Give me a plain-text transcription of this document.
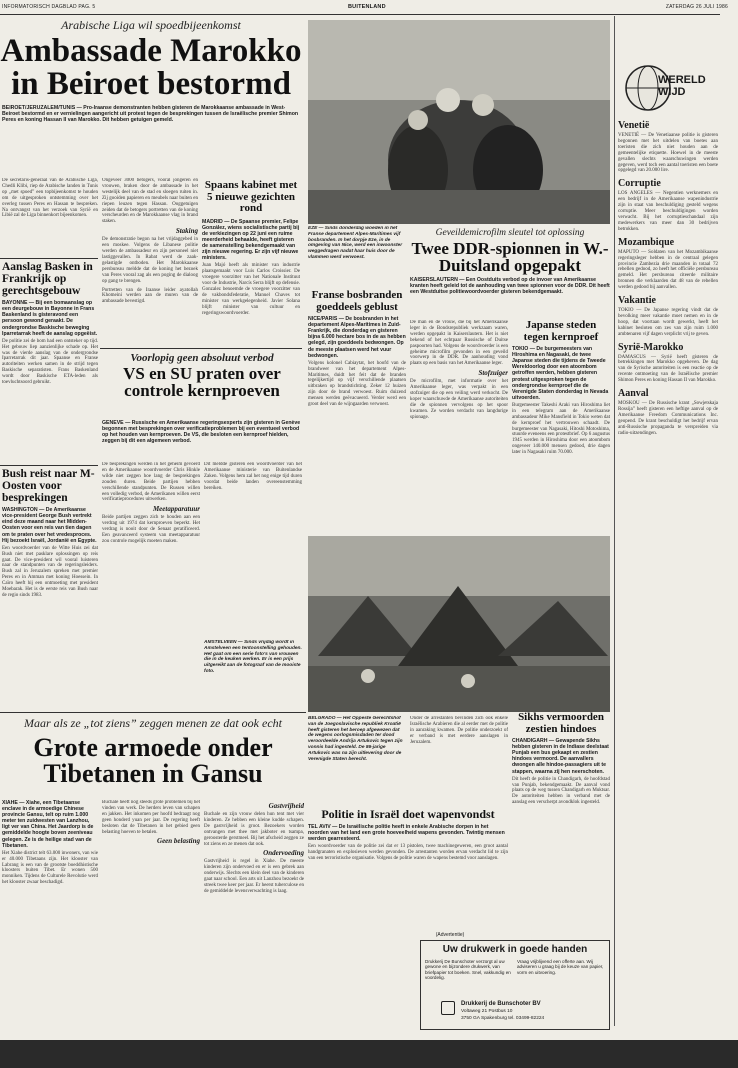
INFORMATORISCH DAGBLAD PAG. 5	BUITENLAND	ZATERDAG 26 JULI 1986
Arabische Liga wil spoedbijeenkomst
Ambassade Marokko
in Beiroet bestormd
BEIROET/JERUZALEM/TUNIS — Pro-Iraanse demonstranten hebben gisteren de Marokkaanse ambassade in West-Beiroet bestormd en er vernielingen aangericht uit protest tegen de besprekingen tussen de Israëlische premier Shimon Peres en koning Hassan II van Marokko. Dit hebben getuigen gemeld.
De secretaris-generaal van de Arabische Liga, Chedli Klibi, riep de Arabische landen in Tunis op „met spoed” een topbijeenkomst te houden om de uitgesproken ontstemming over het overleg tussen Peres en Hassan te bespreken. Na ontvangst van het verzoek van Syrië en Libië zal de Liga binnenkort bijeenkomen.
Ongeveer 3000 betogers, vooral jongeren en vrouwen, braken door de ambassade in het westelijk deel van de stad en sloegen ruiten in. Zij gooiden papieren en meubels naar buiten en riepen leuzen tegen Hassan. Ooggetuigen zeiden dat de betogers portretten van de koning verscheurden en de Marokkaanse vlag in brand staken.
Staking
De demonstratie begon na het vrijdaggebed in een moskee. Volgens de Libanese politie werden de ambassadeur en zijn personeel niet lastiggevallen. In Rabat werd de zaak-gelastigde ontboden. Het Marokkaanse persbureau meldde dat de koning het bezoek van Peres vooral zag als een poging de dialoog op gang te brengen.
Portretten van de Iraanse leider ayatollah Khomeini werden aan de muren van de ambassade bevestigd.
Aanslag Basken in Frankrijk op gerechtsgebouw
BAYONNE — Bij een bomaanslag op een deurgebouw in Bayonne in Frans Baskenland is gisteravond een persoon gewond geraakt. De ondergrondse Baskische beweging Iparretarrak heeft de aanslag opgeëist.
De politie zei de bom had een ontsteker op tijd. Het gebouw liep aanzienlijke schade op. Het was de vierde aanslag van de ondergrondse Iparretarrak dit jaar. Spaanse en Franse autoriteiten werken samen in de strijd tegen Baskische separatisten. Frans Baskenland wordt door Baskische ETA-leden als toevluchtsoord gebruikt.
Spaans kabinet met 5 nieuwe gezichten rond
MADRID — De Spaanse premier, Felipe González, wiens socialistische partij bij de verkiezingen op 22 juni een ruime meerderheid behaalde, heeft gisteren de samenstelling bekendgemaakt van zijn nieuwe regering. Er zijn vijf nieuwe ministers.
Juan Majó heeft als minister van industrie plaatsgemaakt voor Luis Carlos Croissier. De vroegere voorzitter van het Nationale Instituut voor de Industrie, Narcís Serra blijft op defensie. Gonzalez benoemde de vroegere voorzitter van de vakbondsfederatie, Manuel Chaves tot minister van werkgelegenheid. Javier Solana blijft minister van cultuur en regeringswoordvoerder.
EZE — Sinds donderdag woeden in het Franse departement Alpes-Maritimes vijf bosbranden. In het dorpje Eze, in de omgeving van Nice, werd een inwoonster weggedragen nadat haar huis door de vlammen werd verwoest.
Franse bosbranden goeddeels geblust
NICE/PARIS — De bosbranden in het departement Alpes-Maritimes in Zuid-Frankrijk, die donderdag en gisteren bijna 6.000 hectare bos in de as hebben gelegd, zijn goeddeels bedwongen. Op de meeste plaatsen werd het vuur bedwongen.
Volgens kolonel Cabiaytat, het hoofd van de brandweer van het departement Alpes-Maritimes, duidt het feit dat de branden tegelijkertijd op vijf verschillende plaatsen uitbraken op brandstichting. Zeker 12 huizen zijn door de brand verwoest. Ruim duizend mensen werden geëvacueerd. Verder werd een groot deel van de wijngaarden verwoest.
Geveildemicrofilm sleutel tot oplossing
Twee DDR-spionnen in W.-Duitsland opgepakt
KAISERSLAUTERN — Een Oostduits verbod op de invoer van Amerikaanse kranten heeft geleid tot de aanhouding van twee spionnen voor de DDR. Dit heeft een Westduitse politiewoordvoerder gisteren bekendgemaakt.
De man en de vrouw, die bij het Amerikaanse leger in de Bondsrepubliek werkzaam waren, werden opgepakt in Kaiserslautern. Het is niet bekend of het echtpaar Russische of Duitse paspoorten had. Volgens de woordvoerder is een geheime microfilm gevonden in een geveild voorwerp in de DDR. De aanhouding vond plaats op een basis van het Amerikaanse leger.
Stofzuiger
De microfilm, met informatie over het Amerikaanse leger, was verpakt in een stofzuiger die op een veiling werd verkocht. De koper waarschuwde de Amerikaanse autoriteiten die de spionnen vervolgens op het spoor kwamen. Ze worden verdacht van langdurige spionage.
Japanse steden tegen kernproef
TOKIO — De burgemeesters van Hiroshima en Nagasaki, de twee Japanse steden die tijdens de Tweede Wereldoorlog door een atoombom getroffen werden, hebben gisteren protest uitgesproken tegen de ondergrondse kernproef die de Verenigde Staten donderdag in Nevada uitvoerden.
Burgemeester Takeshi Araki van Hiroshima liet in een telegram aan de Amerikaanse ambassadeur Mike Mansfield in Tokio weten dat de kernproef het vertrouwen schaadt. De burgemeester van Nagasaki, Hitoshi Motoshima, stuurde eveneens een protestbrief. Op 6 augustus 1945 werden in Hiroshima door een atoombom ongeveer 140.000 mensen gedood, drie dagen later in Nagasaki ruim 70.000.
Bush reist naar M-Oosten voor besprekingen
WASHINGTON — De Amerikaanse vice-president George Bush vertrekt eind deze maand naar het Midden-Oosten voor een reis van tien dagen om te praten over het vredesproces. Hij bezoekt Israël, Jordanië en Egypte.
Een woordvoerder van de Witte Huis zei dat Bush niet met pasklare oplossingen op reis gaat. De vice-president wil vooral luisteren naar de standpunten van de regeringsleiders. Bush zal in Jeruzalem spreken met premier Peres en in Amman met koning Hoessein. In Caïro heeft hij een ontmoeting met president Moebarak. Het is de eerste reis van Bush naar de regio sinds 1983.
Voorlopig geen absoluut verbod
VS en SU praten over
controle kernproeven
GENEVE — Russische en Amerikaanse regeringsexperts zijn gisteren in Genève begonnen met besprekingen over verificatieproblemen bij een eventueel verbod op het houden van kernproeven. De VS, die besloten een kernproef hielden, zeggen bij dit een algemeen verbod.
De besprekingen werden in het geheim gevoerd en de Amerikaanse woordvoerder Chris Hinkle wilde niet zeggen hoe lang de besprekingen zouden duren. Beide partijen hebben verschillende standpunten. De Russen willen een volledig verbod, de Amerikanen willen eerst verificatieprocedures uitwerken.
Meetapparatuur
Beide partijen zeggen zich te houden aan een verdrag uit 1974 dat kernproeven beperkt. Het verdrag is nooit door de Senaat geratificeerd. Een geavanceerd systeem van meetapparatuur zou controle mogelijk moeten maken.
Dit meldde gisteren een woordvoerder van het Amerikaanse ministerie van Buitenlandse Zaken. Volgens hem zal het nog enige tijd duren voordat beide landen overeenstemming bereiken.
AMSTELVEEN — Sinds vrijdag wordt in Amstelveen een tentoonstelling gehouden. Het gaat om een serie foto's van vrouwen die in de keuken werken. Er is een prijs uitgereikt aan de fotograaf van de mooiste foto.
BELGRADO — Het Oppeste Gerechtshof van de Joegoslavische republiek Kroatië heeft gisteren het beroep afgewezen dat de wegens oorlogsmisdaden ter dood veroordeelde Andrija Artukovic tegen zijn vonnis had ingesteld. De 86-jarige Artukovic was na zijn uitlevering door de Verenigde Staten berecht.
Politie in Israël doet wapenvondst
TEL AVIV — De Israëlische politie heeft in enkele Arabische dorpen in het noorden van het land een grote hoeveelheid wapens gevonden. Twintig mensen werden gearresteerd.
Een woordvoerder van de politie zei dat er 13 pistolen, twee machinegeweren, een groot aantal handgranaten en explosieven werden gevonden. De arrestanten worden ervan verdacht lid te zijn van een terroristische organisatie. Volgens de politie waren de wapens bestemd voor aanslagen.
Onder de arrestanten bevinden zich ook enkele Israëlische Arabieren die al eerder met de politie in aanraking kwamen. De politie onderzoekt of er verband is met eerdere aanslagen in Jeruzalem.
Sikhs vermoorden zestien hindoes
CHANDIGARH — Gewapende Sikhs hebben gisteren in de Indiase deelstaat Punjab een bus gekaapt en zestien hindoes vermoord. De aanvallers dwongen alle hindoe-passagiers uit te stappen, waarna zij hen neerschoten.
Dit heeft de politie in Chandigarh, de hoofdstad van Punjab, bekendgemaakt. De aanval vond plaats op de weg tussen Chandigarh en Muktsar. De autoriteiten hebben in verband met de aanslag een verscherpt avondklok ingesteld.
Maar als ze „tot ziens” zeggen menen ze dat ook echt
Grote armoede onder
Tibetanen in Gansu
XIAHE — Xiahe, een Tibetaanse enclave in de armoedige Chinese provincie Gansu, telt op ruim 1.000 meter ten zuidwesten van Lanzhou, ligt ver van China. Het Jaardorp is de gemiddelde hoogte boven zeeniveau gelegen. Ze is de heilige stad van de Tibetanen.
Het Xiahe district telt 63.000 inwoners, van wie er 40.000 Tibetaans zijn. Het klooster van Labrang is een van de grootste boeddhistische kloosters buiten Tibet. Er wonen 500 monniken. Tijdens de Culturele Revolutie werd het klooster zwaar beschadigd.
Buchale heeft nog steeds grote problemen bij het vinden van werk. De herders leven van schapen en jakken. Het inkomen per hoofd bedraagt nog geen honderd yuan per jaar. De regering heeft besloten dat de Tibetanen in het gebied geen belasting hoeven te betalen.
Geen belasting
Gastvrijheid
Buchale en zijn vrouw delen hun tent met vier kinderen. Ze hebben een kleine kudde schapen. De gastvrijheid is groot. Bezoekers worden ontvangen met thee met jakboter en tsampa, geroosterde gerstmeel. Bij het afscheid zeggen ze tot ziens en ze menen dat ook.
Ondervoeding
Gastvrijheid is regel in Xiahe. De meeste kinderen zijn ondervoed en er is een gebrek aan onderwijs. Slechts een klein deel van de kinderen gaat naar school. Een arts uit Lanzhou bezoekt de streek twee keer per jaar. Er heerst tuberculose en de gemiddelde levensverwachting is laag.
(Advertentie)
Uw drukwerk in goede handen
Drukkerij De Bunschoter verzorgt al uw gewone en bijzondere drukwerk, van briefpapier tot boeken. Snel, vakkundig en voordelig.
Vraag vrijblijvend een offerte aan. Wij adviseren u graag bij de keuze van papier, vorm en uitvoering.
Drukkerij de Bunschoter BV
Voltaweg 21 Postbus 10
3750 GA Spakenburg tel. 03499-82224
WERELD WIJD
Venetië
VENETIË — De Venetiaanse politie is gisteren begonnen met het uitdelen van boetes aan toeristen die zich niet houden aan de gemeentelijke etiquette. Hoewel in de meeste gevallen slechts waarschuwingen werden gegeven, werd toch een aantal toeristen een boete opgelegd van 20.000 lire.
Corruptie
LOS ANGELES — Negentien werknemers en een bedrijf in de Amerikaanse wapenindustrie zijn in staat van beschuldiging gesteld wegens corruptie. Meer beschuldigingen worden verwacht. Bij het corruptieschandaal zijn medewerkers van meer dan 30 bedrijven betrokken.
Mozambique
MAPUTO — Soldaten van het Mozambikaanse regeringsleger hebben in de centraal gelegen provincie Zambezia drie maanden in totaal 72 rebellen gedood, zo heeft het officiële persbureau gemeld. Het persbureau citeerde militaire bronnen die verklaarden dat 48 van de rebellen werden gedood bij aanvallen.
Vakantie
TOKIO — De Japanse regering vindt dat de bevolking meer vakantie moet nemen en in de hoop, dat voortaan wordt gewerkt, heeft het kabinet besloten om zes van zijn ruim 1.000 ambtenaren vijf dagen verplicht vrij te geven.
Syrië-Marokko
DAMASCUS — Syrië heeft gisteren de betrekkingen met Marokko opgeheven. De dag van de Syrische autoriteiten is een reactie op de recente ontmoeting van de Israëlische premier Shimon Peres en koning Hassan II van Marokko.
Aanval
MOSKOU — De Russische krant „Sowjetskaja Rossija” heeft gisteren een heftige aanval op de Amerikaanse Freedom Communications Inc. geopend. De krant beschuldigt het bedrijf ervan anti-Russische propaganda te verspreiden via radio-uitzendingen.
